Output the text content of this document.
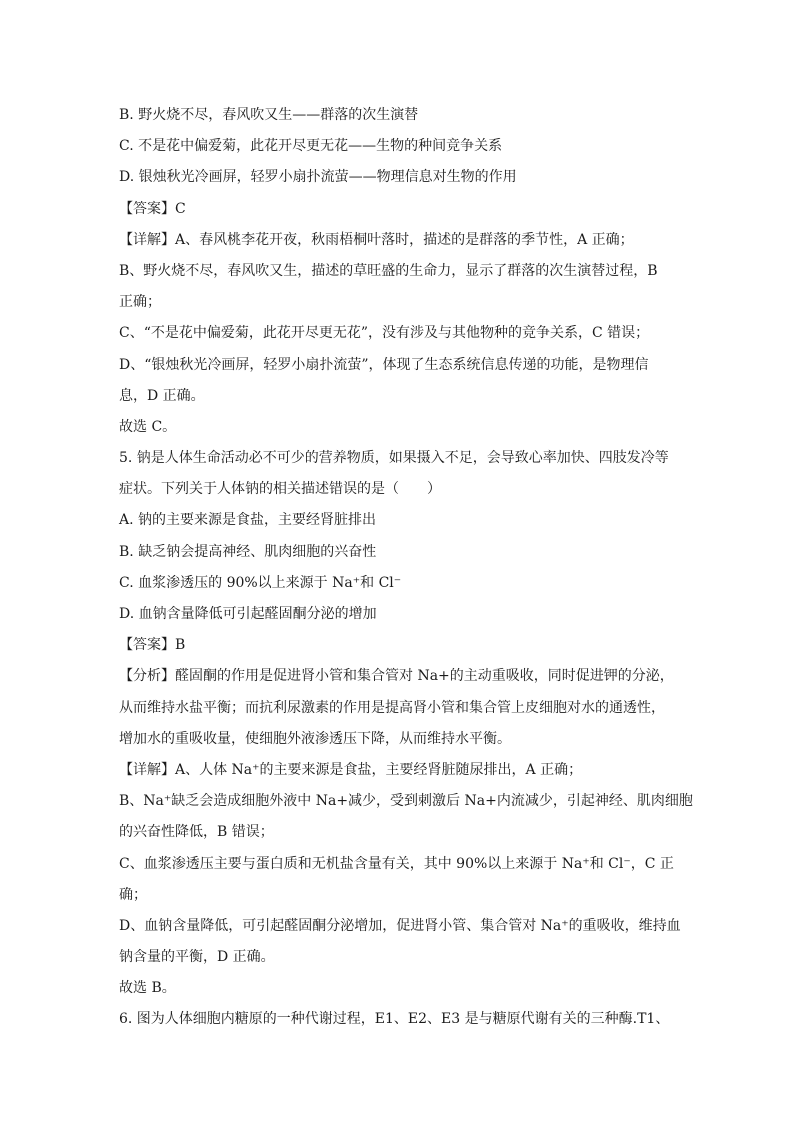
B. 野火烧不尽，春风吹又生——群落的次生演替
C. 不是花中偏爱菊，此花开尽更无花——生物的种间竞争关系
D. 银烛秋光冷画屏，轻罗小扇扑流萤——物理信息对生物的作用
【答案】C
【详解】A、春风桃李花开夜，秋雨梧桐叶落时，描述的是群落的季节性，A 正确；
B、野火烧不尽，春风吹又生，描述的草旺盛的生命力，显示了群落的次生演替过程，B
正确；
C、“不是花中偏爱菊，此花开尽更无花”，没有涉及与其他物种的竞争关系，C 错误；
D、“银烛秋光冷画屏，轻罗小扇扑流萤”，体现了生态系统信息传递的功能，是物理信
息，D 正确。
故选 C。
5. 钠是人体生命活动必不可少的营养物质，如果摄入不足，会导致心率加快、四肢发冷等
症状。下列关于人体钠的相关描述错误的是（　　）
A. 钠的主要来源是食盐，主要经肾脏排出
B. 缺乏钠会提高神经、肌肉细胞的兴奋性
C. 血浆渗透压的 90%以上来源于 Na⁺和 Cl⁻
D. 血钠含量降低可引起醛固酮分泌的增加
【答案】B
【分析】醛固酮的作用是促进肾小管和集合管对 Na+的主动重吸收，同时促进钾的分泌，
从而维持水盐平衡；而抗利尿激素的作用是提高肾小管和集合管上皮细胞对水的通透性，
增加水的重吸收量，使细胞外液渗透压下降，从而维持水平衡。
【详解】A、人体 Na⁺的主要来源是食盐，主要经肾脏随尿排出，A 正确；
B、Na⁺缺乏会造成细胞外液中 Na+减少，受到刺激后 Na+内流减少，引起神经、肌肉细胞
的兴奋性降低，B 错误；
C、血浆渗透压主要与蛋白质和无机盐含量有关，其中 90%以上来源于 Na⁺和 Cl⁻，C 正
确；
D、血钠含量降低，可引起醛固酮分泌增加，促进肾小管、集合管对 Na⁺的重吸收，维持血
钠含量的平衡，D 正确。
故选 B。
6. 图为人体细胞内糖原的一种代谢过程，E1、E2、E3 是与糖原代谢有关的三种酶.T1、
